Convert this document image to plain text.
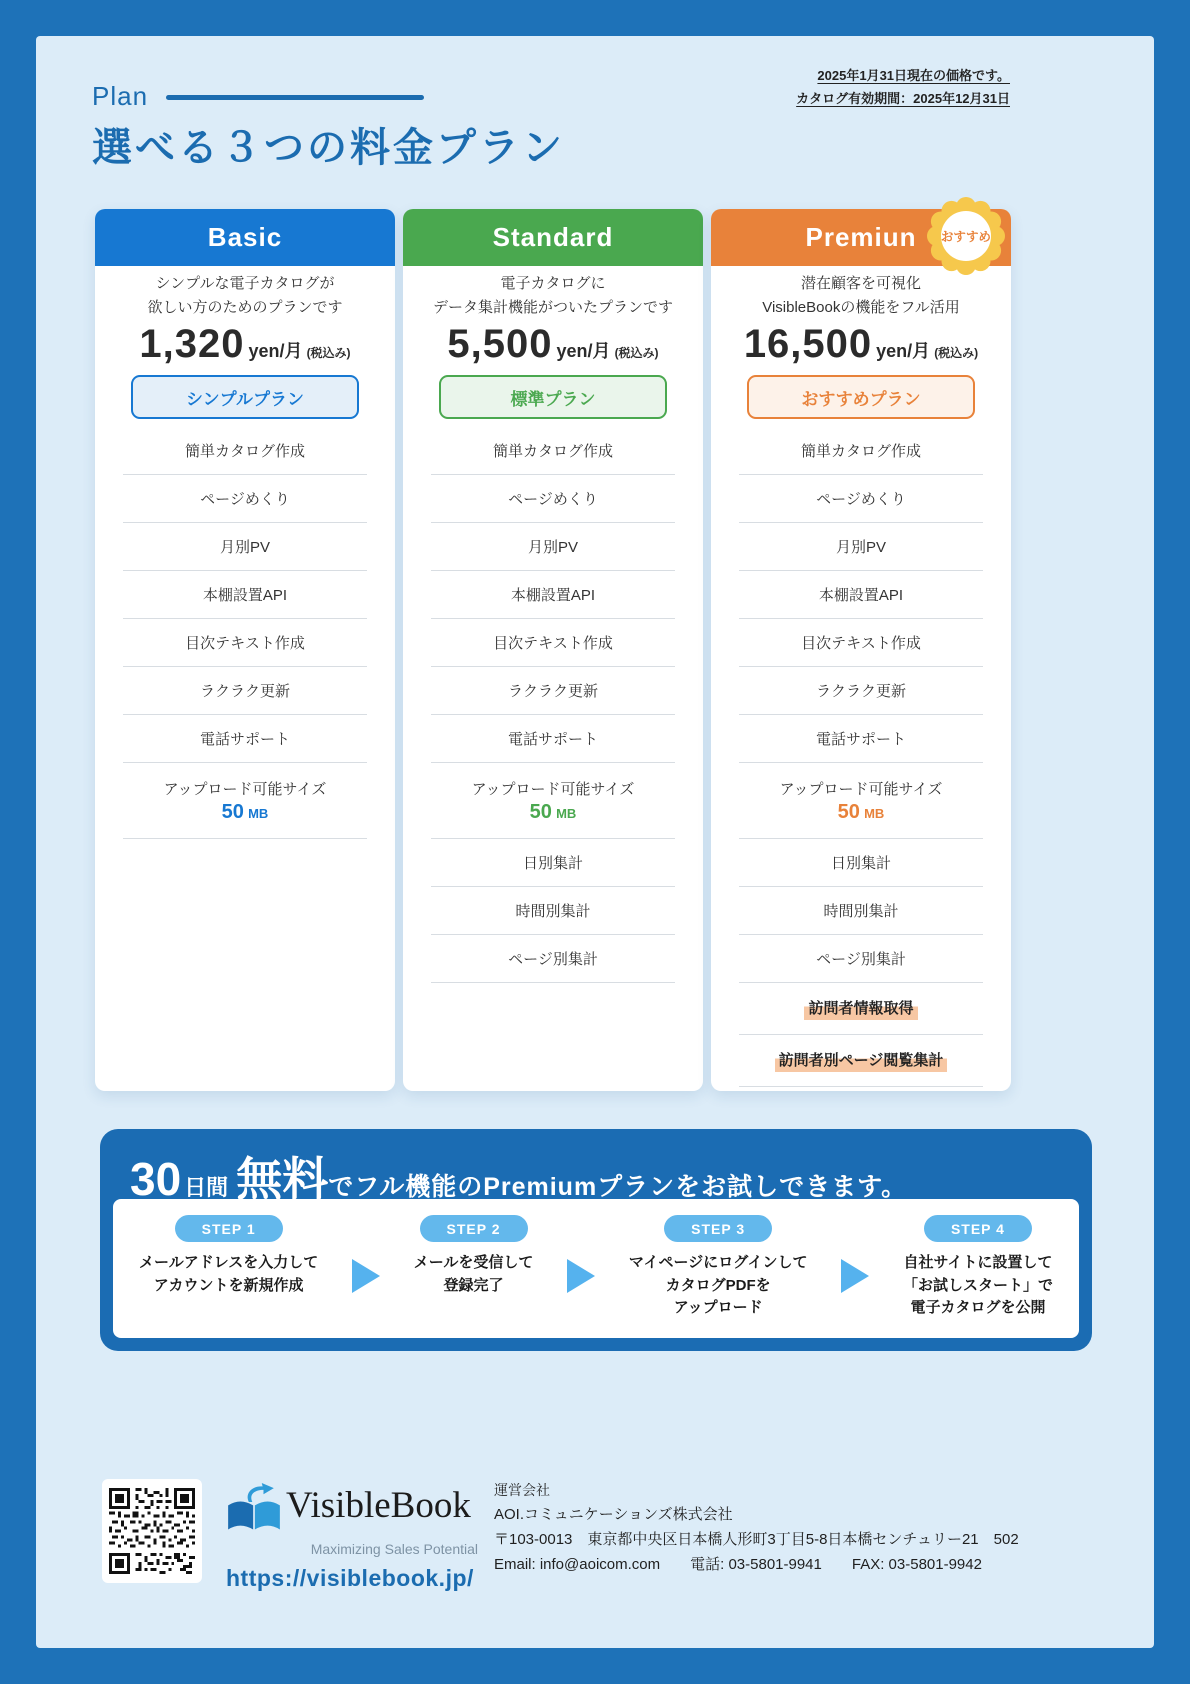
Plan
選べる３つの料金プラン
2025年1月31日現在の価格です。
カタログ有効期間：2025年12月31日
Basic
シンプルな電子カタログが
欲しい方のためのプランです
1,320 yen/月 (税込み)
シンプルプラン
簡単カタログ作成
ページめくり
月別PV
本棚設置API
目次テキスト作成
ラクラク更新
電話サポート
アップロード可能サイズ
50 MB
Standard
電子カタログに
データ集計機能がついたプランです
5,500 yen/月 (税込み)
標準プラン
簡単カタログ作成
ページめくり
月別PV
本棚設置API
目次テキスト作成
ラクラク更新
電話サポート
アップロード可能サイズ
50 MB
日別集計
時間別集計
ページ別集計
Premiun	おすすめ
潜在顧客を可視化
VisibleBookの機能をフル活用
16,500 yen/月 (税込み)
おすすめプラン
簡単カタログ作成
ページめくり
月別PV
本棚設置API
目次テキスト作成
ラクラク更新
電話サポート
アップロード可能サイズ
50 MB
日別集計
時間別集計
ページ別集計
訪問者情報取得
訪問者別ページ閲覧集計
30 日間 無料 でフル機能のPremiumプランをお試しできます。
STEP 1
メールアドレスを入力して
アカウントを新規作成
STEP 2
メールを受信して
登録完了
STEP 3
マイページにログインして
カタログPDFを
アップロード
STEP 4
自社サイトに設置して
「お試しスタート」で
電子カタログを公開
VisibleBook
Maximizing Sales Potential
https://visiblebook.jp/
運営会社
AOI.コミュニケーションズ株式会社
〒103-0013　東京都中央区日本橋人形町3丁目5-8日本橋センチュリー21　502
Email: info@aoicom.com　　電話: 03-5801-9941　　FAX: 03-5801-9942
